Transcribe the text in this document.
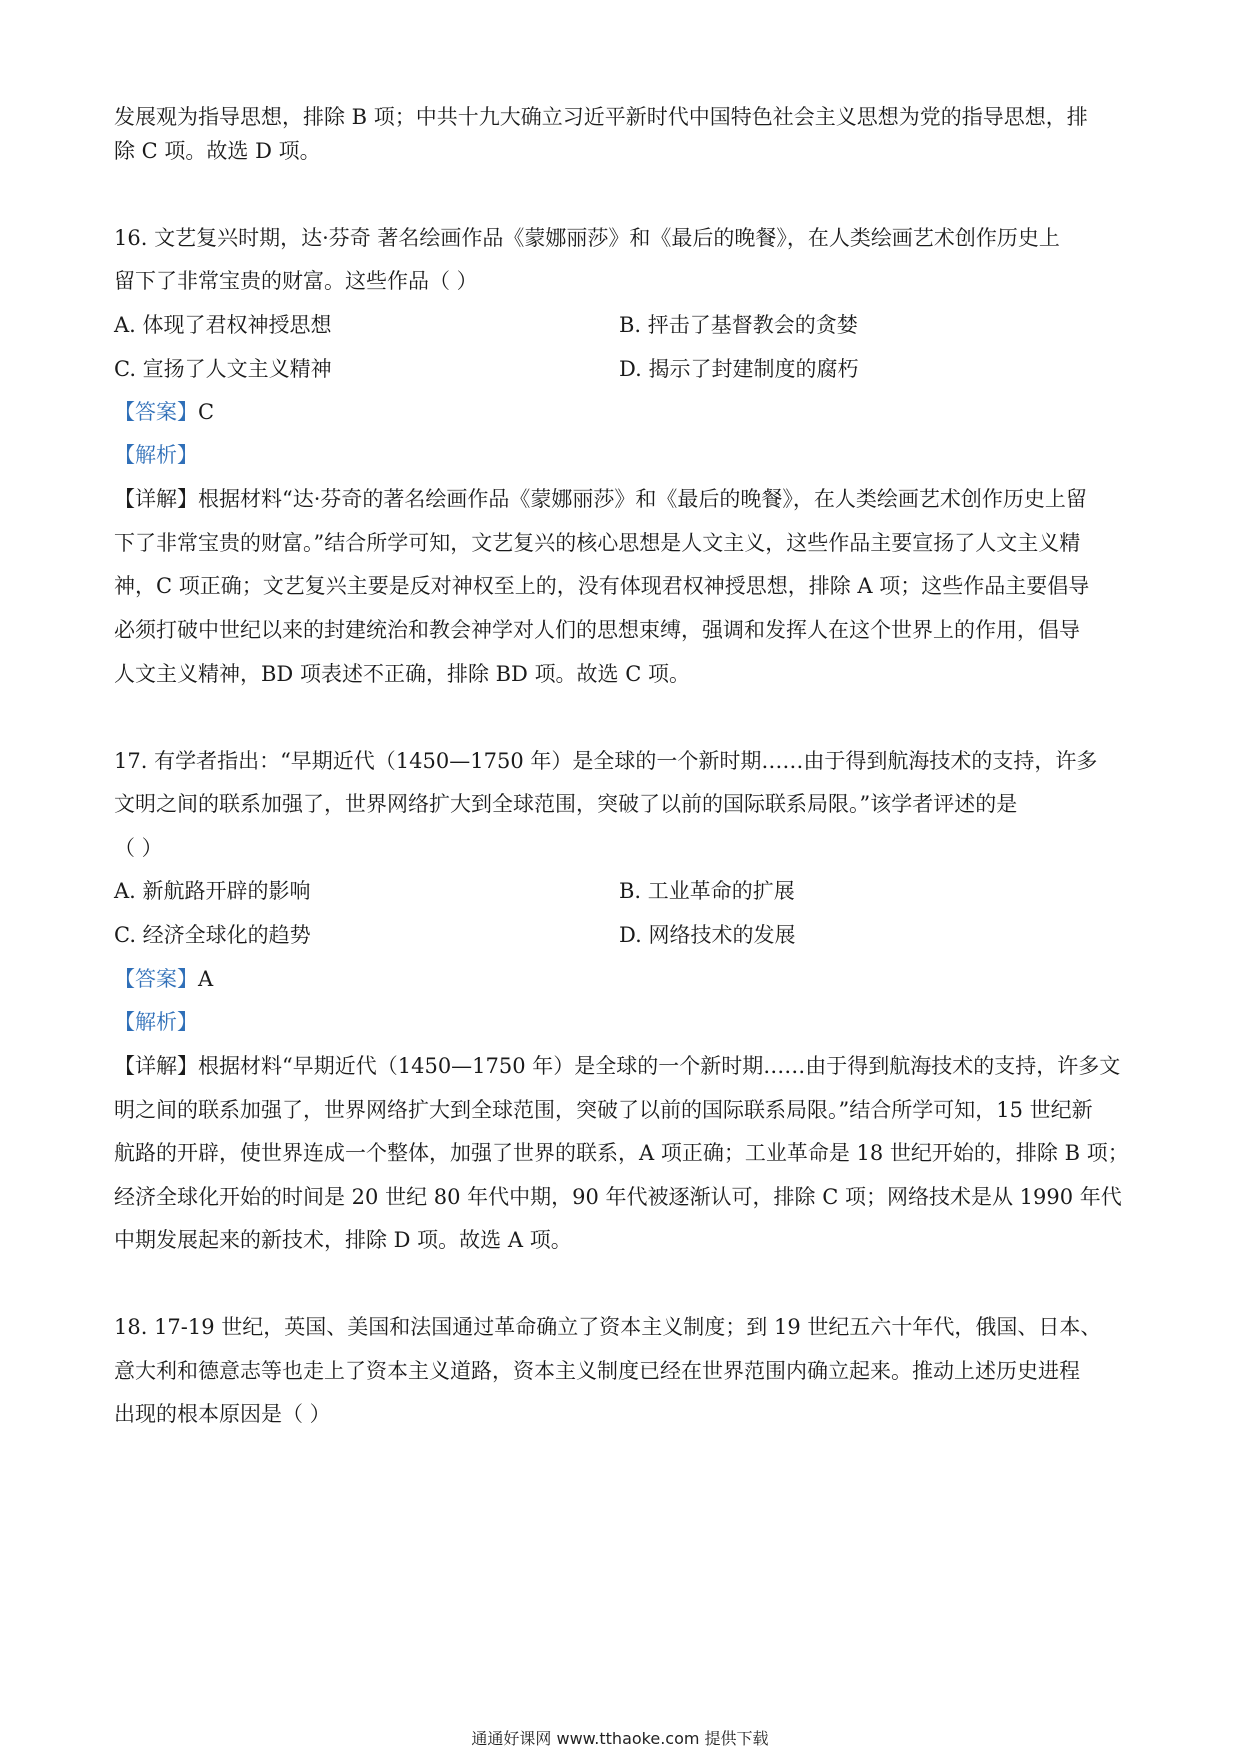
发展观为指导思想，排除 B 项；中共十九大确立习近平新时代中国特色社会主义思想为党的指导思想，排
除 C 项。故选 D 项。
16. 文艺复兴时期，达·芬奇 著名绘画作品《蒙娜丽莎》和《最后的晚餐》，在人类绘画艺术创作历史上
留下了非常宝贵的财富。这些作品（ ）
A. 体现了君权神授思想	B. 抨击了基督教会的贪婪
C. 宣扬了人文主义精神	D. 揭示了封建制度的腐朽
【答案】C
【解析】
【详解】根据材料“达·芬奇的著名绘画作品《蒙娜丽莎》和《最后的晚餐》，在人类绘画艺术创作历史上留
下了非常宝贵的财富。”结合所学可知，文艺复兴的核心思想是人文主义，这些作品主要宣扬了人文主义精
神，C 项正确；文艺复兴主要是反对神权至上的，没有体现君权神授思想，排除 A 项；这些作品主要倡导
必须打破中世纪以来的封建统治和教会神学对人们的思想束缚，强调和发挥人在这个世界上的作用，倡导
人文主义精神，BD 项表述不正确，排除 BD 项。故选 C 项。
17. 有学者指出：“早期近代（1450—1750 年）是全球的一个新时期……由于得到航海技术的支持，许多
文明之间的联系加强了，世界网络扩大到全球范围，突破了以前的国际联系局限。”该学者评述的是
（ ）
A. 新航路开辟的影响	B. 工业革命的扩展
C. 经济全球化的趋势	D. 网络技术的发展
【答案】A
【解析】
【详解】根据材料“早期近代（1450—1750 年）是全球的一个新时期……由于得到航海技术的支持，许多文
明之间的联系加强了，世界网络扩大到全球范围，突破了以前的国际联系局限。”结合所学可知，15 世纪新
航路的开辟，使世界连成一个整体，加强了世界的联系，A 项正确；工业革命是 18 世纪开始的，排除 B 项；
经济全球化开始的时间是 20 世纪 80 年代中期，90 年代被逐渐认可，排除 C 项；网络技术是从 1990 年代
中期发展起来的新技术，排除 D 项。故选 A 项。
18. 17-19 世纪，英国、美国和法国通过革命确立了资本主义制度；到 19 世纪五六十年代，俄国、日本、
意大利和德意志等也走上了资本主义道路，资本主义制度已经在世界范围内确立起来。推动上述历史进程
出现的根本原因是（ ）
通通好课网 www.tthaoke.com 提供下载
